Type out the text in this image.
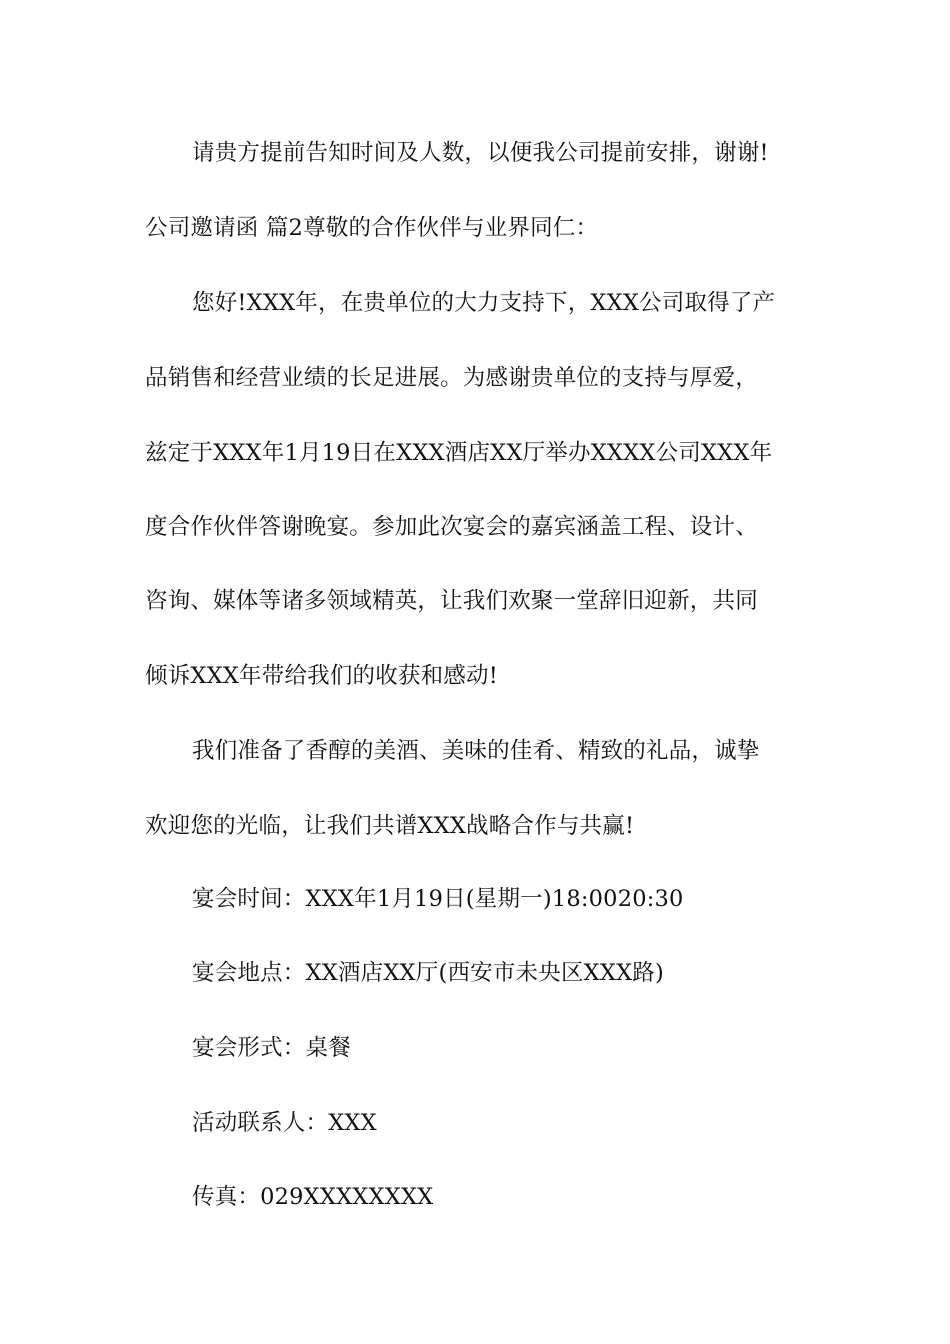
请贵方提前告知时间及人数，以便我公司提前安排，谢谢!
公司邀请函 篇2尊敬的合作伙伴与业界同仁：
您好!XXX年，在贵单位的大力支持下，XXX公司取得了产
品销售和经营业绩的长足进展。为感谢贵单位的支持与厚爱，
兹定于XXX年1月19日在XXX酒店XX厅举办XXXX公司XXX年
度合作伙伴答谢晚宴。参加此次宴会的嘉宾涵盖工程、设计、
咨询、媒体等诸多领域精英，让我们欢聚一堂辞旧迎新，共同
倾诉XXX年带给我们的收获和感动!
我们准备了香醇的美酒、美味的佳肴、精致的礼品，诚挚
欢迎您的光临，让我们共谱XXX战略合作与共赢!
宴会时间：XXX年1月19日(星期一)18:0020:30
宴会地点：XX酒店XX厅(西安市未央区XXX路)
宴会形式：桌餐
活动联系人：XXX
传真：029XXXXXXXX
